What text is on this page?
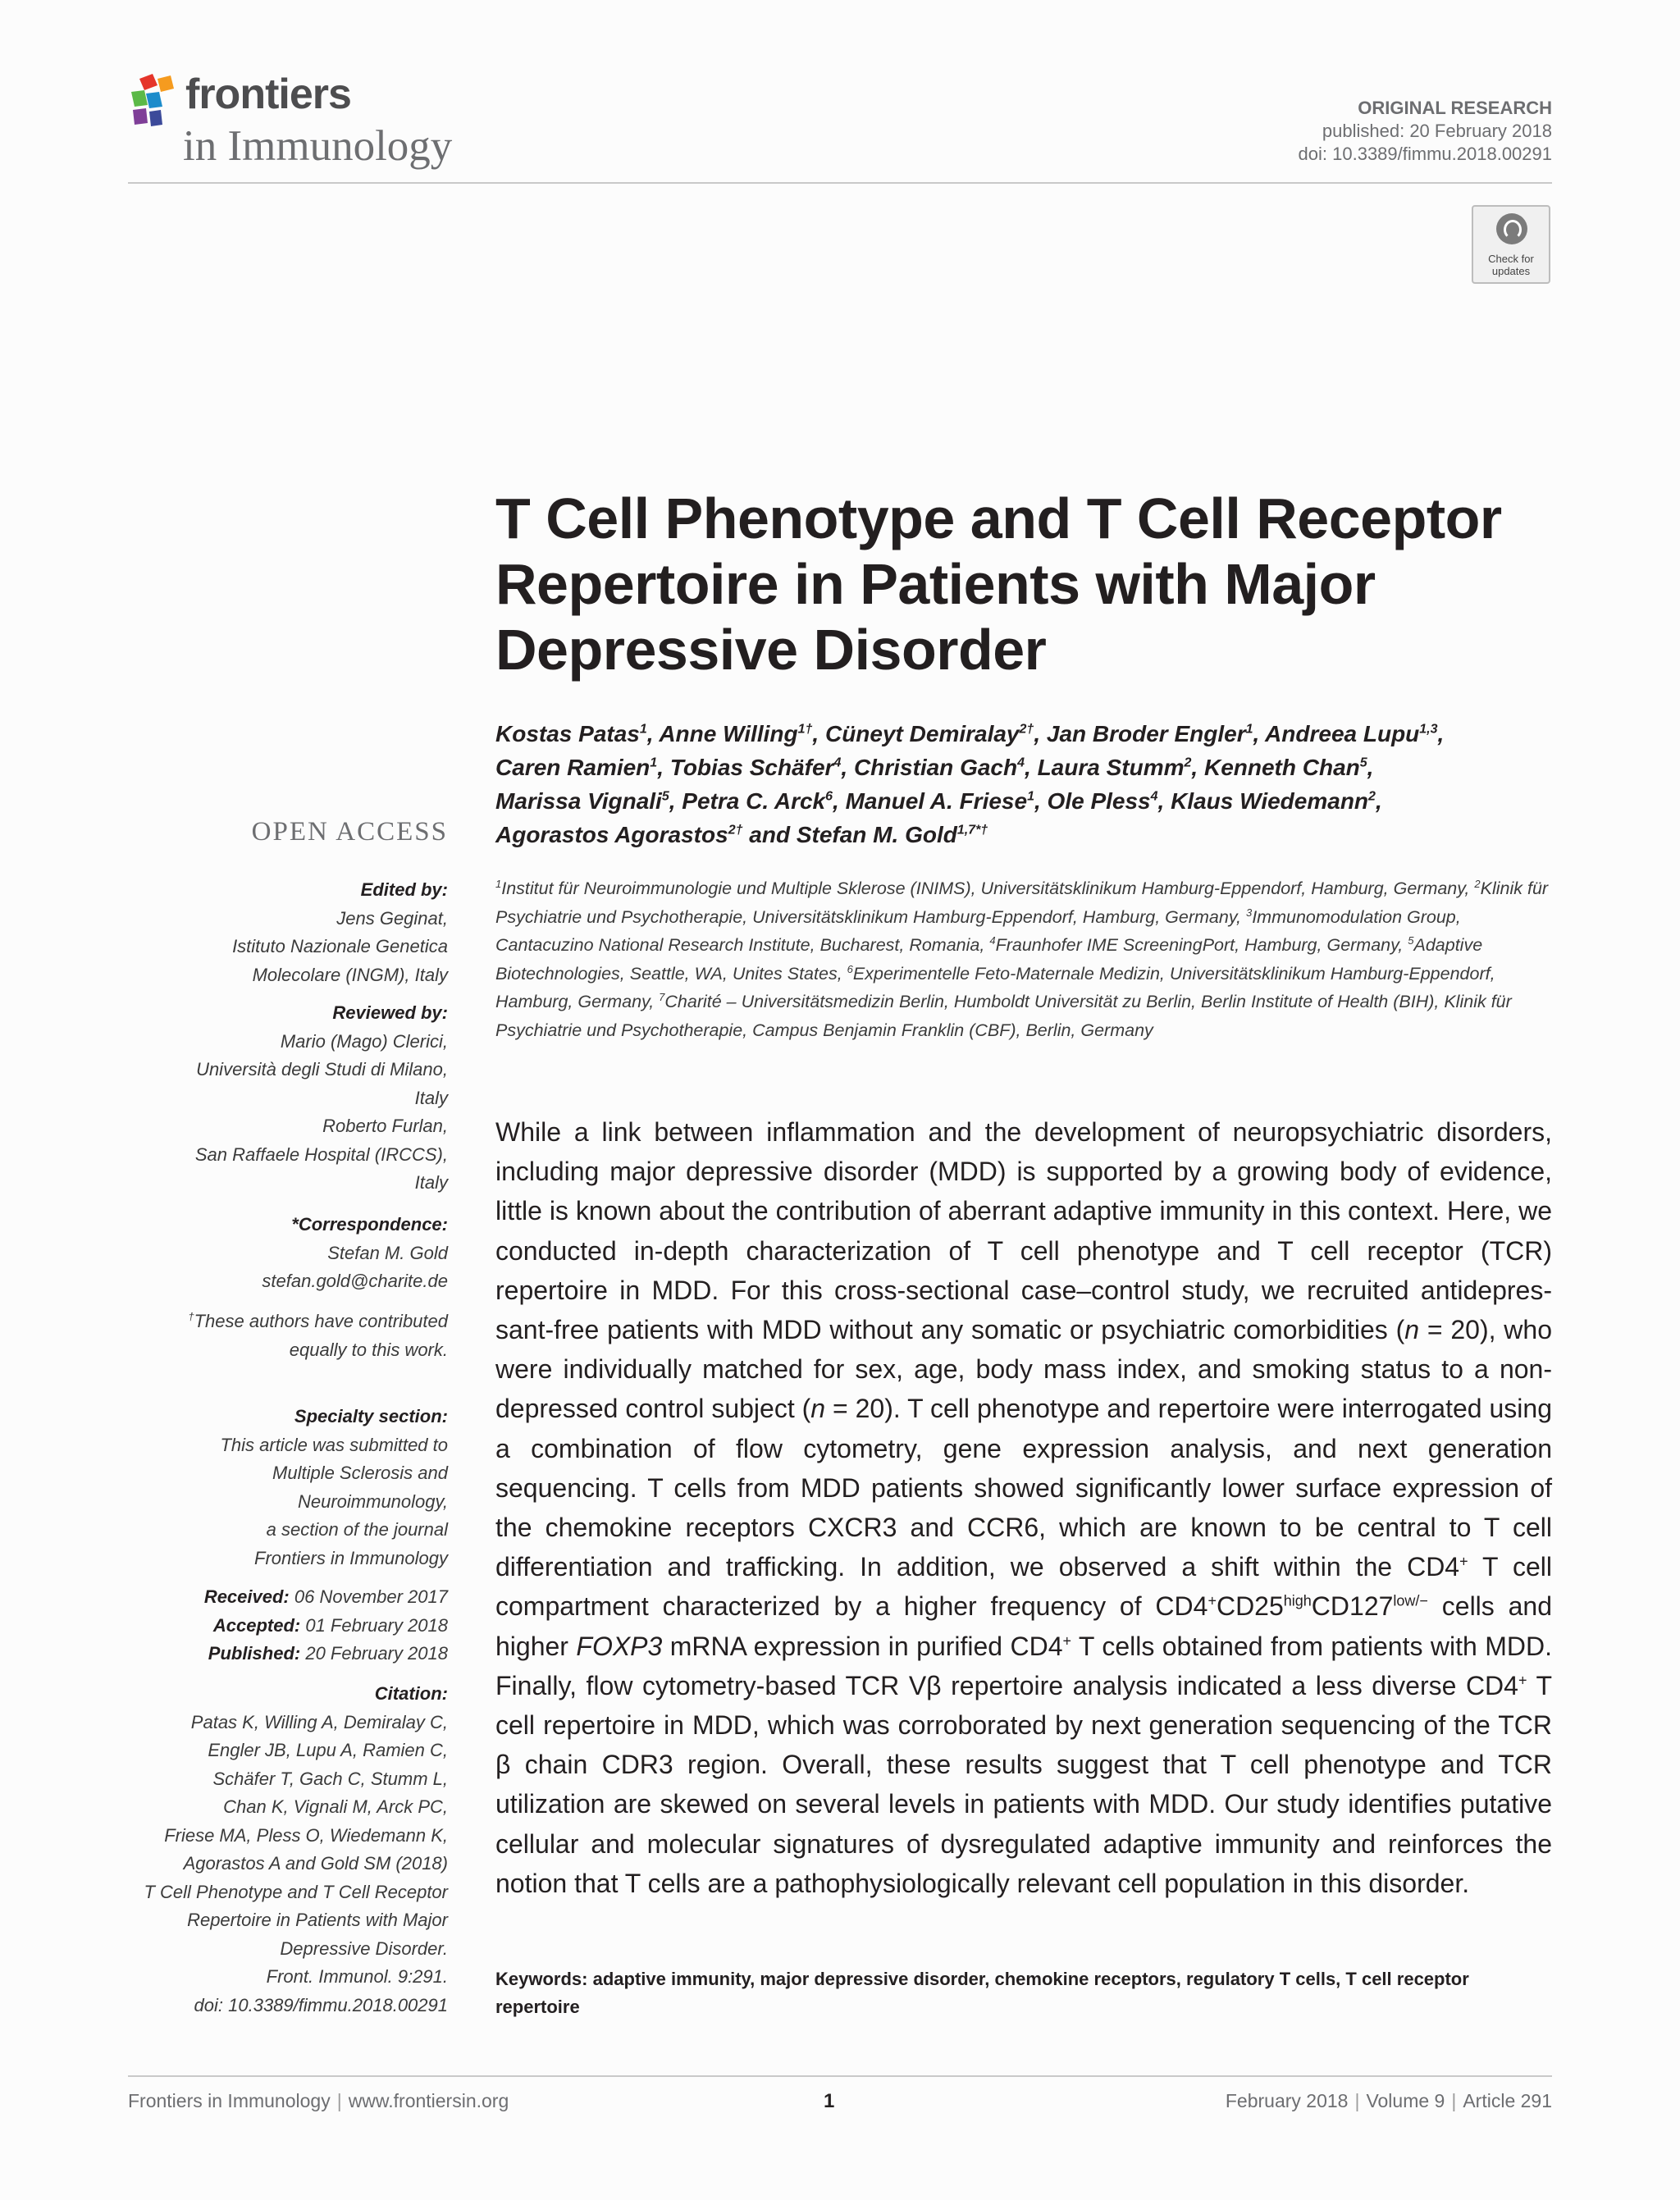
frontiers
in Immunology
ORIGINAL RESEARCH
published: 20 February 2018
doi: 10.3389/fimmu.2018.00291
Check for
updates
T Cell Phenotype and T Cell Receptor
Repertoire in Patients with Major
Depressive Disorder
Kostas Patas$^1$, Anne Willing$^{1\dagger}$, Cüneyt Demiralay$^{2\dagger}$, Jan Broder Engler$^1$, Andreea Lupu$^{1,3}$,
Caren Ramien$^1$, Tobias Schäfer$^4$, Christian Gach$^4$, Laura Stumm$^2$, Kenneth Chan$^5$,
Marissa Vignali$^5$, Petra C. Arck$^6$, Manuel A. Friese$^1$, Ole Pless$^4$, Klaus Wiedemann$^2$,
Agorastos Agorastos$^{2\dagger}$ and Stefan M. Gold$^{1,7*\dagger}$
$^1$Institut für Neuroimmunologie und Multiple Sklerose (INIMS), Universitätsklinikum Hamburg-Eppendorf, Hamburg, Germany, $^2$Klinik für Psychiatrie und Psychotherapie, Universitätsklinikum Hamburg-Eppendorf, Hamburg, Germany, $^3$Immunomodulation Group, Cantacuzino National Research Institute, Bucharest, Romania, $^4$Fraunhofer IME ScreeningPort, Hamburg, Germany, $^5$Adaptive Biotechnologies, Seattle, WA, Unites States, $^6$Experimentelle Feto-Maternale Medizin, Universitätsklinikum Hamburg-Eppendorf, Hamburg, Germany, $^7$Charité – Universitätsmedizin Berlin, Humboldt Universität zu Berlin, Berlin Institute of Health (BIH), Klinik für Psychiatrie und Psychotherapie, Campus Benjamin Franklin (CBF), Berlin, Germany

While a link between inflammation and the development of neuropsychiatric disorders, including major depressive disorder (MDD) is supported by a growing body of evidence, little is known about the contribution of aberrant adaptive immunity in this context. Here, we conducted in-depth characterization of T cell phenotype and T cell receptor (TCR) repertoire in MDD. For this cross-sectional case–control study, we recruited antidepressant-free patients with MDD without any somatic or psychiatric comorbidities (n = 20), who were individually matched for sex, age, body mass index, and smoking status to a non-depressed control subject (n = 20). T cell phenotype and repertoire were interrogated using a combination of flow cytometry, gene expression analysis, and next generation sequencing. T cells from MDD patients showed significantly lower surface expression of the chemokine receptors CXCR3 and CCR6, which are known to be central to T cell differentiation and trafficking. In addition, we observed a shift within the CD4+ T cell compartment characterized by a higher frequency of $CD4^+CD25^{high}CD127^{low/-}$ cells and higher FOXP3 mRNA expression in purified CD4+ T cells obtained from patients with MDD. Finally, flow cytometry-based TCR Vβ repertoire analysis indicated a less diverse CD4+ T cell repertoire in MDD, which was corroborated by next generation sequencing of the TCR β chain CDR3 region. Overall, these results suggest that T cell phenotype and TCR utilization are skewed on several levels in patients with MDD. Our study identifies putative cellular and molecular signatures of dysregulated adaptive immunity and reinforces the notion that T cells are a pathophysiologically relevant cell population in this disorder.

Keywords: adaptive immunity, major depressive disorder, chemokine receptors, regulatory T cells, T cell receptor repertoire
OPEN ACCESS
Edited by:
Jens Geginat,
Istituto Nazionale Genetica
Molecolare (INGM), Italy
Reviewed by:
Mario (Mago) Clerici,
Università degli Studi di Milano,
Italy
Roberto Furlan,
San Raffaele Hospital (IRCCS),
Italy
*Correspondence:
Stefan M. Gold
stefan.gold@charite.de
†These authors have contributed
equally to this work.
Specialty section:
This article was submitted to
Multiple Sclerosis and
Neuroimmunology,
a section of the journal
Frontiers in Immunology
Received: 06 November 2017
Accepted: 01 February 2018
Published: 20 February 2018
Citation:
Patas K, Willing A, Demiralay C,
Engler JB, Lupu A, Ramien C,
Schäfer T, Gach C, Stumm L,
Chan K, Vignali M, Arck PC,
Friese MA, Pless O, Wiedemann K,
Agorastos A and Gold SM (2018)
T Cell Phenotype and T Cell Receptor
Repertoire in Patients with Major
Depressive Disorder.
Front. Immunol. 9:291.
doi: 10.3389/fimmu.2018.00291
Frontiers in Immunology | www.frontiersin.org	1	February 2018 | Volume 9 | Article 291
